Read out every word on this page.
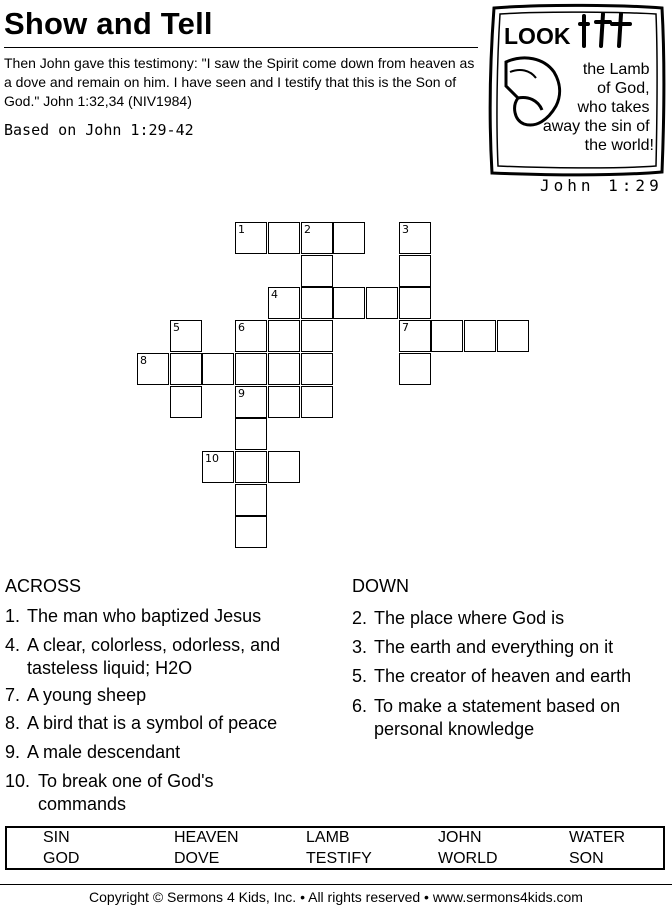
Show and Tell
Then John gave this testimony: "I saw the Spirit come down from heaven as a dove and remain on him. I have seen and I testify that this is the Son of God." John 1:32,34 (NIV1984)
Based on John 1:29-42
LOOK
the Lamb of God, who takes away the sin of the world!
John 1:29
1	2	3
4
5	6	7
8
9
10
ACROSS	DOWN
1. The man who baptized Jesus
4. A clear, colorless, odorless, and tasteless liquid; H2O
7. A young sheep
8. A bird that is a symbol of peace
9. A male descendant
10. To break one of God's commands
2. The place where God is
3. The earth and everything on it
5. The creator of heaven and earth
6. To make a statement based on personal knowledge
SIN	HEAVEN	LAMB	JOHN	WATER
GOD	DOVE	TESTIFY	WORLD	SON
Copyright © Sermons 4 Kids, Inc. • All rights reserved • www.sermons4kids.com
